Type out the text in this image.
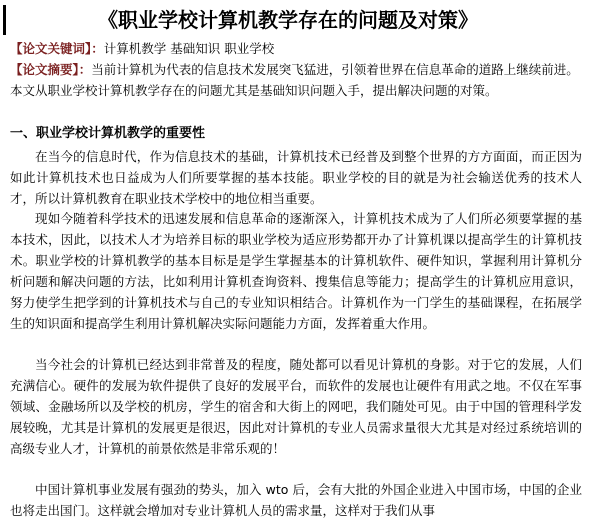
《职业学校计算机教学存在的问题及对策》
【论文关键词】：计算机教学 基础知识 职业学校
【论文摘要】：当前计算机为代表的信息技术发展突飞猛进，引领着世界在信息革命的道路上继续前进。本文从职业学校计算机教学存在的问题尤其是基础知识问题入手，提出解决问题的对策。
一、职业学校计算机教学的重要性
在当今的信息时代，作为信息技术的基础，计算机技术已经普及到整个世界的方方面面，而正因为如此计算机技术也日益成为人们所要掌握的基本技能。职业学校的目的就是为社会输送优秀的技术人才，所以计算机教育在职业技术学校中的地位相当重要。
现如今随着科学技术的迅速发展和信息革命的逐渐深入，计算机技术成为了人们所必须要掌握的基本技术，因此，以技术人才为培养目标的职业学校为适应形势都开办了计算机课以提高学生的计算机技术。职业学校的计算机教学的基本目标是是学生掌握基本的计算机软件、硬件知识，掌握利用计算机分析问题和解决问题的方法，比如利用计算机查询资料、搜集信息等能力；提高学生的计算机应用意识，努力使学生把学到的计算机技术与自己的专业知识相结合。计算机作为一门学生的基础课程，在拓展学生的知识面和提高学生利用计算机解决实际问题能力方面，发挥着重大作用。
当今社会的计算机已经达到非常普及的程度，随处都可以看见计算机的身影。对于它的发展，人们充满信心。硬件的发展为软件提供了良好的发展平台，而软件的发展也让硬件有用武之地。不仅在军事领域、金融场所以及学校的机房，学生的宿舍和大街上的网吧，我们随处可见。由于中国的管理科学发展较晚，尤其是计算机的发展更是很迟，因此对计算机的专业人员需求量很大尤其是对经过系统培训的高级专业人才，计算机的前景依然是非常乐观的！
中国计算机事业发展有强劲的势头，加入 wto 后，会有大批的外国企业进入中国市场，中国的企业也将走出国门。这样就会增加对专业计算机人员的需求量，这样对于我们从事
